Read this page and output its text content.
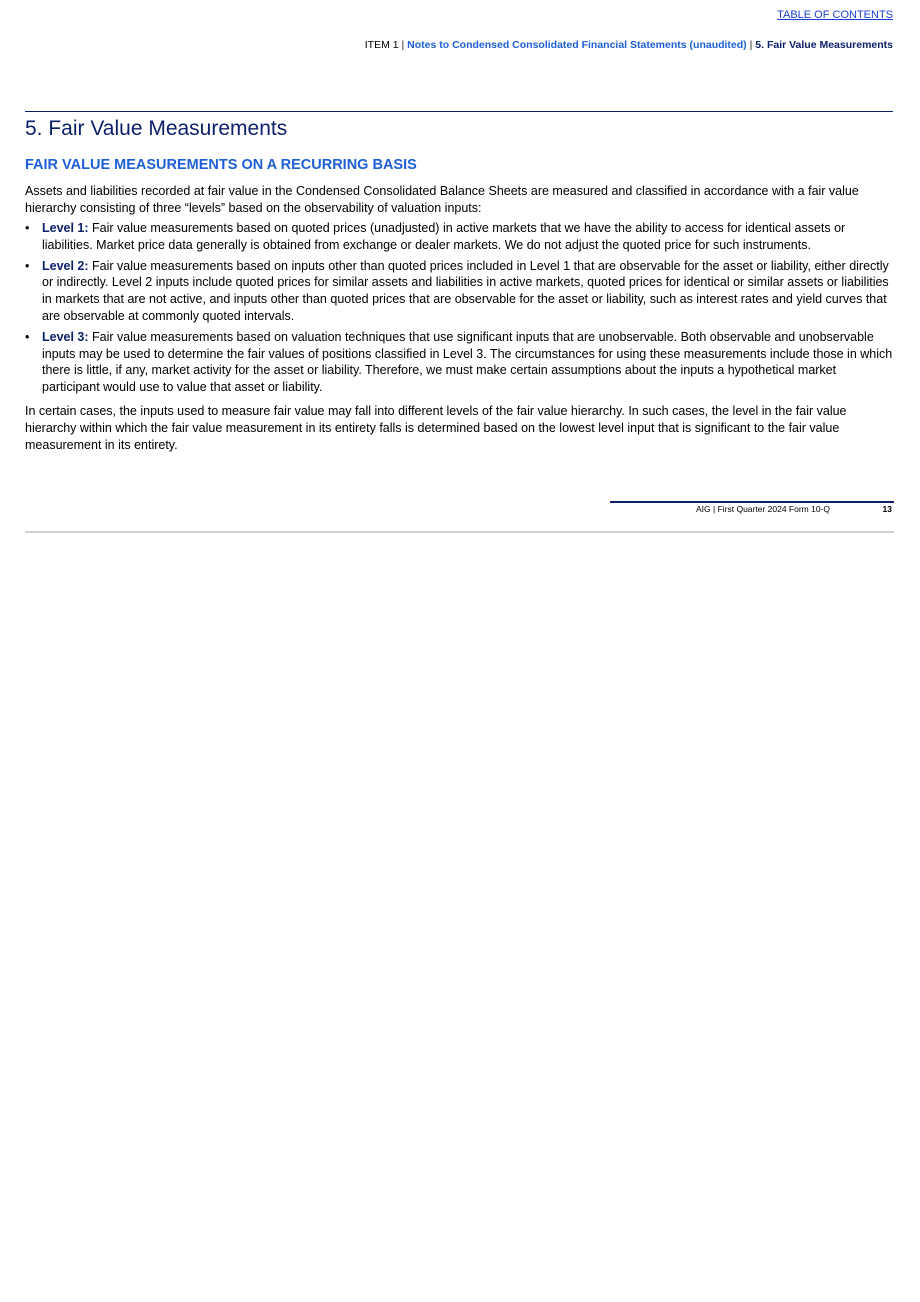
TABLE OF CONTENTS
ITEM 1 | Notes to Condensed Consolidated Financial Statements (unaudited) | 5. Fair Value Measurements
5. Fair Value Measurements
FAIR VALUE MEASUREMENTS ON A RECURRING BASIS

Assets and liabilities recorded at fair value in the Condensed Consolidated Balance Sheets are measured and classified in accordance with a fair value hierarchy consisting of three “levels” based on the observability of valuation inputs:

• Level 1: Fair value measurements based on quoted prices (unadjusted) in active markets that we have the ability to access for identical assets or liabilities. Market price data generally is obtained from exchange or dealer markets. We do not adjust the quoted price for such instruments.
• Level 2: Fair value measurements based on inputs other than quoted prices included in Level 1 that are observable for the asset or liability, either directly or indirectly. Level 2 inputs include quoted prices for similar assets and liabilities in active markets, quoted prices for identical or similar assets or liabilities in markets that are not active, and inputs other than quoted prices that are observable for the asset or liability, such as interest rates and yield curves that are observable at commonly quoted intervals.
• Level 3: Fair value measurements based on valuation techniques that use significant inputs that are unobservable. Both observable and unobservable inputs may be used to determine the fair values of positions classified in Level 3. The circumstances for using these measurements include those in which there is little, if any, market activity for the asset or liability. Therefore, we must make certain assumptions about the inputs a hypothetical market participant would use to value that asset or liability.

In certain cases, the inputs used to measure fair value may fall into different levels of the fair value hierarchy. In such cases, the level in the fair value hierarchy within which the fair value measurement in its entirety falls is determined based on the lowest level input that is significant to the fair value measurement in its entirety.

AIG | First Quarter 2024 Form 10-Q	13
